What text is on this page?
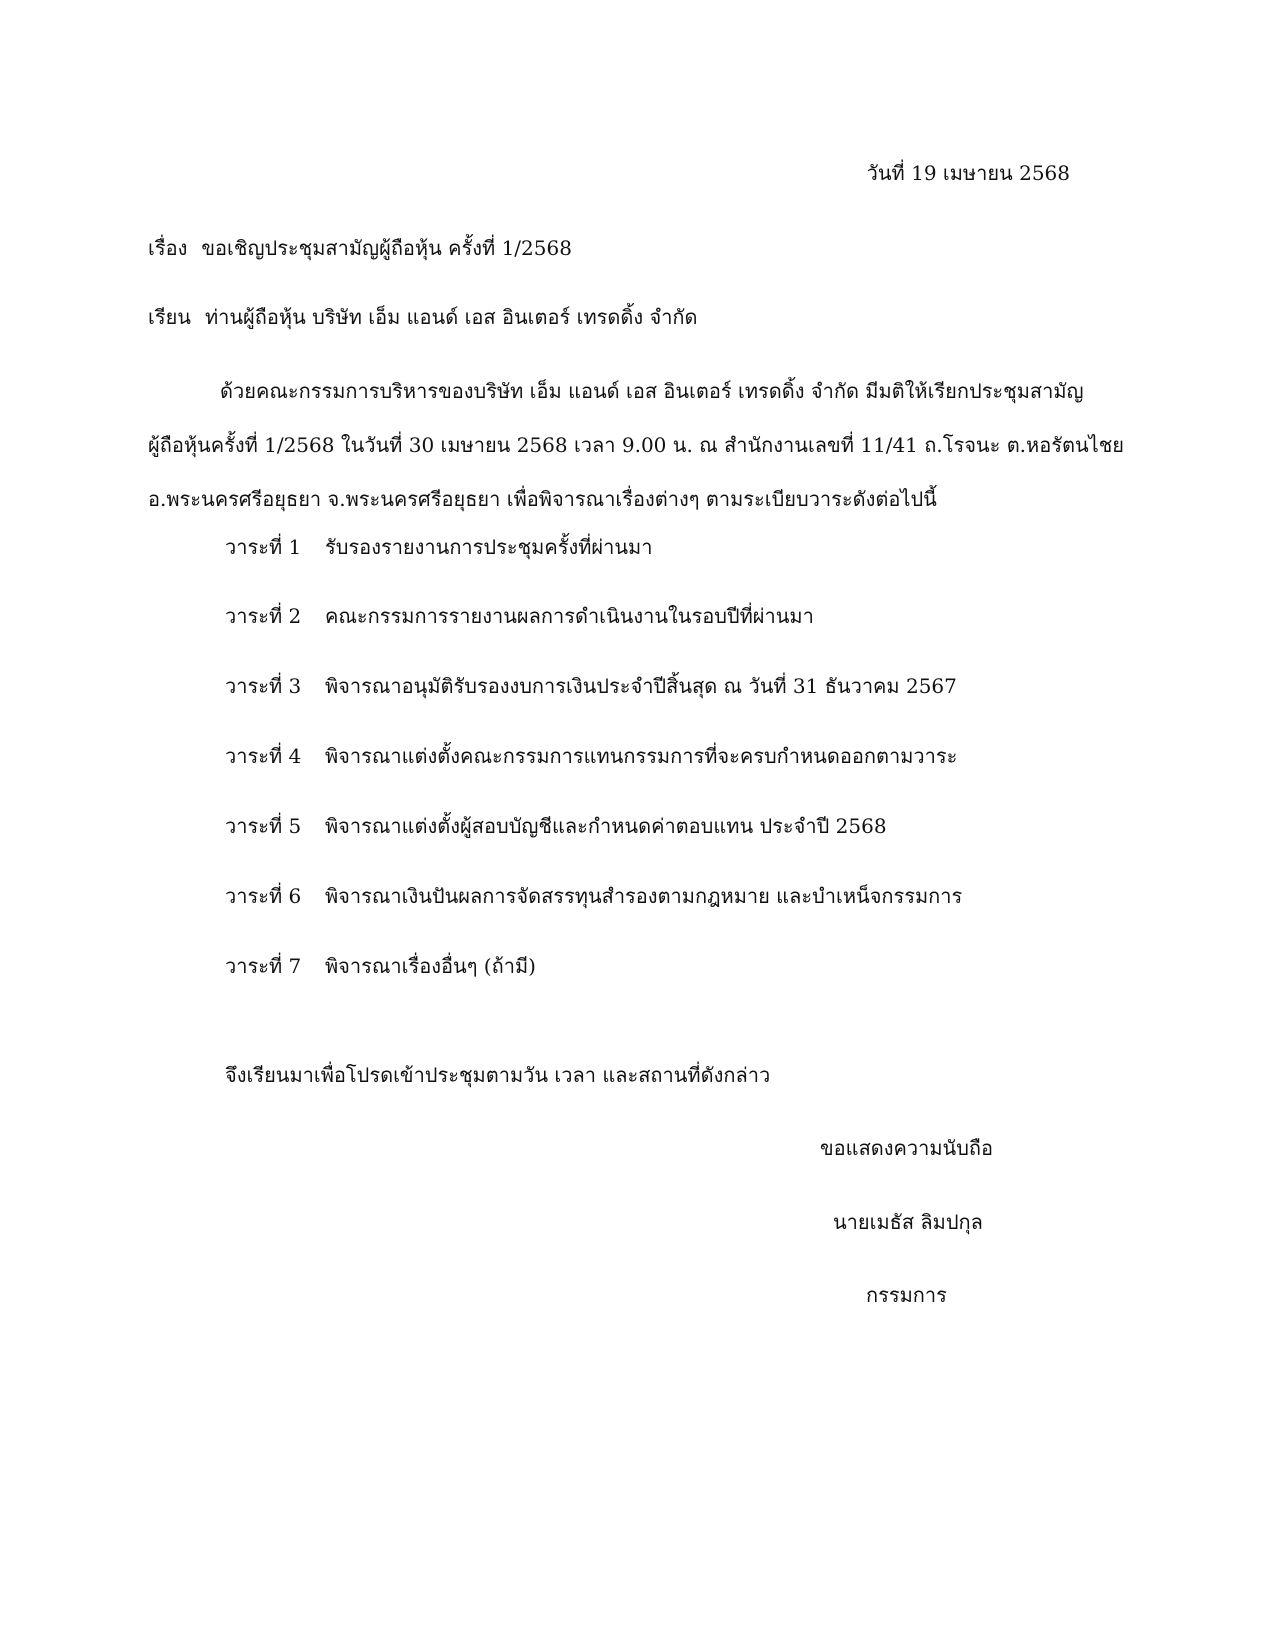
วันที่ 19 เมษายน 2568
เรื่อง ขอเชิญประชุมสามัญผู้ถือหุ้น ครั้งที่ 1/2568
เรียน ท่านผู้ถือหุ้น บริษัท เอ็ม แอนด์ เอส อินเตอร์ เทรดดิ้ง จำกัด
ด้วยคณะกรรมการบริหารของบริษัท เอ็ม แอนด์ เอส อินเตอร์ เทรดดิ้ง จำกัด มีมติให้เรียกประชุมสามัญ
ผู้ถือหุ้นครั้งที่ 1/2568 ในวันที่ 30 เมษายน 2568 เวลา 9.00 น. ณ สำนักงานเลขที่ 11/41 ถ.โรจนะ ต.หอรัตนไชย
อ.พระนครศรีอยุธยา จ.พระนครศรีอยุธยา เพื่อพิจารณาเรื่องต่างๆ ตามระเบียบวาระดังต่อไปนี้
วาระที่ 1 รับรองรายงานการประชุมครั้งที่ผ่านมา
วาระที่ 2 คณะกรรมการรายงานผลการดำเนินงานในรอบปีที่ผ่านมา
วาระที่ 3 พิจารณาอนุมัติรับรองงบการเงินประจำปีสิ้นสุด ณ วันที่ 31 ธันวาคม 2567
วาระที่ 4 พิจารณาแต่งตั้งคณะกรรมการแทนกรรมการที่จะครบกำหนดออกตามวาระ
วาระที่ 5 พิจารณาแต่งตั้งผู้สอบบัญชีและกำหนดค่าตอบแทน ประจำปี 2568
วาระที่ 6 พิจารณาเงินปันผลการจัดสรรทุนสำรองตามกฎหมาย และบำเหน็จกรรมการ
วาระที่ 7 พิจารณาเรื่องอื่นๆ (ถ้ามี)
จึงเรียนมาเพื่อโปรดเข้าประชุมตามวัน เวลา และสถานที่ดังกล่าว
ขอแสดงความนับถือ
นายเมธัส ลิมปกุล
กรรมการ
